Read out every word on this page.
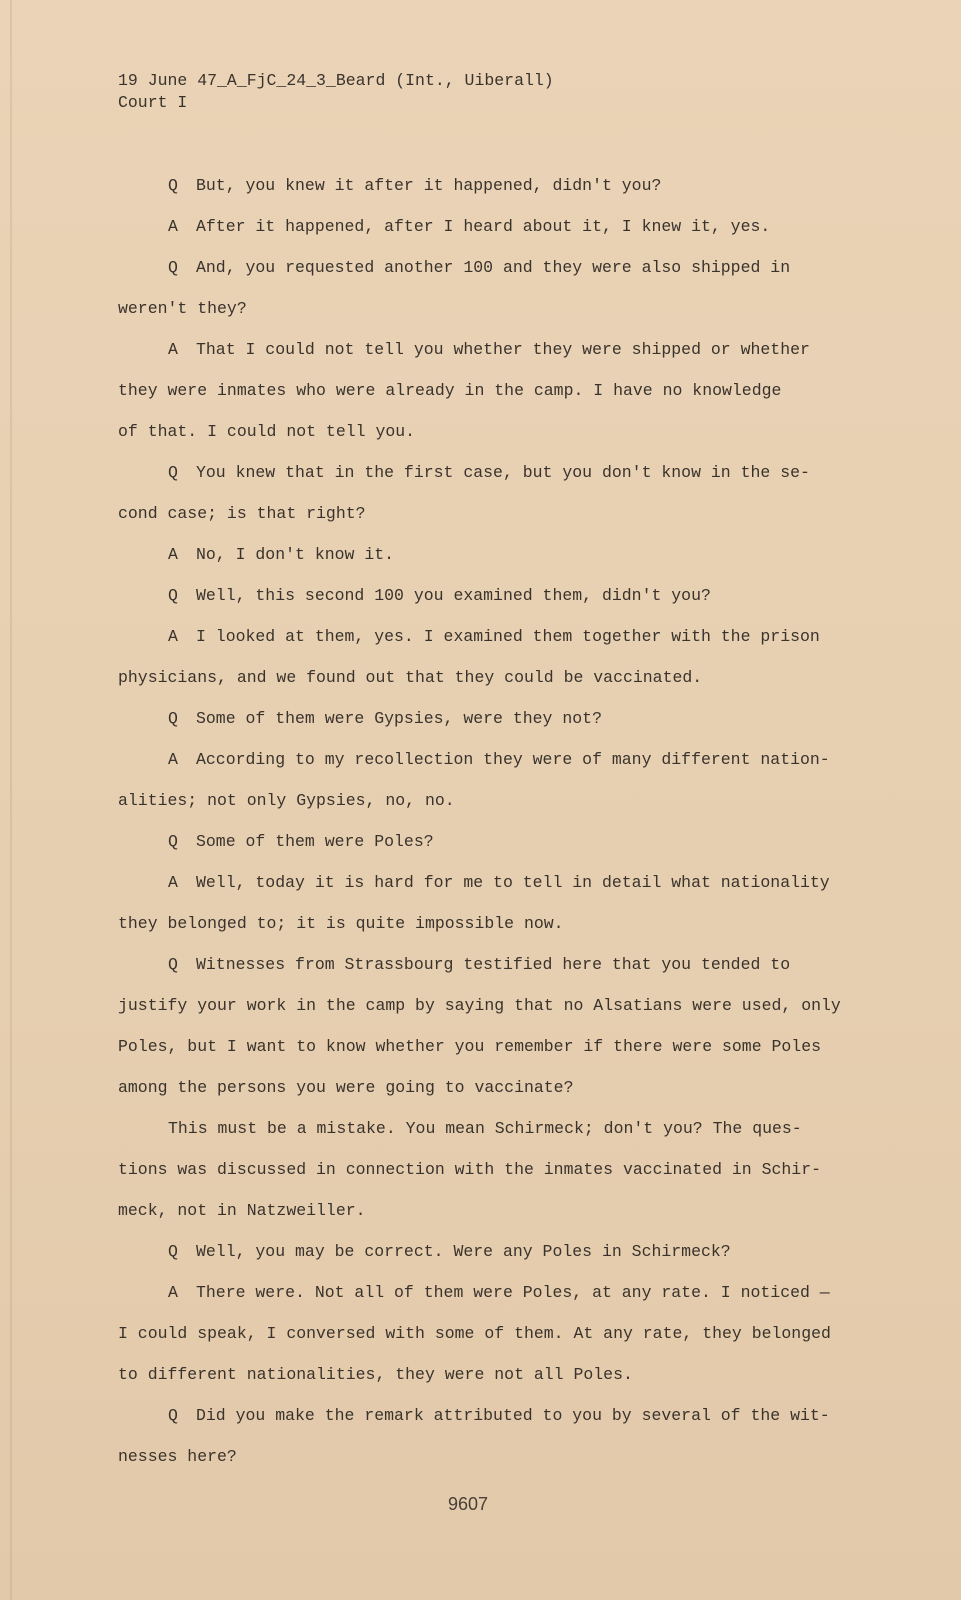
19 June 47_A_FjC_24_3_Beard (Int., Uiberall)
Court I
Q But, you knew it after it happened, didn't you?
A After it happened, after I heard about it, I knew it, yes.
Q And, you requested another 100 and they were also shipped in
weren't they?
A That I could not tell you whether they were shipped or whether
they were inmates who were already in the camp. I have no knowledge
of that. I could not tell you.
Q You knew that in the first case, but you don't know in the se-
cond case; is that right?
A No, I don't know it.
Q Well, this second 100 you examined them, didn't you?
A I looked at them, yes. I examined them together with the prison
physicians, and we found out that they could be vaccinated.
Q Some of them were Gypsies, were they not?
A According to my recollection they were of many different nation-
alities; not only Gypsies, no, no.
Q Some of them were Poles?
A Well, today it is hard for me to tell in detail what nationality
they belonged to; it is quite impossible now.
Q Witnesses from Strassbourg testified here that you tended to
justify your work in the camp by saying that no Alsatians were used, only
Poles, but I want to know whether you remember if there were some Poles
among the persons you were going to vaccinate?
This must be a mistake. You mean Schirmeck; don't you? The ques-
tions was discussed in connection with the inmates vaccinated in Schir-
meck, not in Natzweiller.
Q Well, you may be correct. Were any Poles in Schirmeck?
A There were. Not all of them were Poles, at any rate. I noticed —
I could speak, I conversed with some of them. At any rate, they belonged
to different nationalities, they were not all Poles.
Q Did you make the remark attributed to you by several of the wit-
nesses here?
9607
